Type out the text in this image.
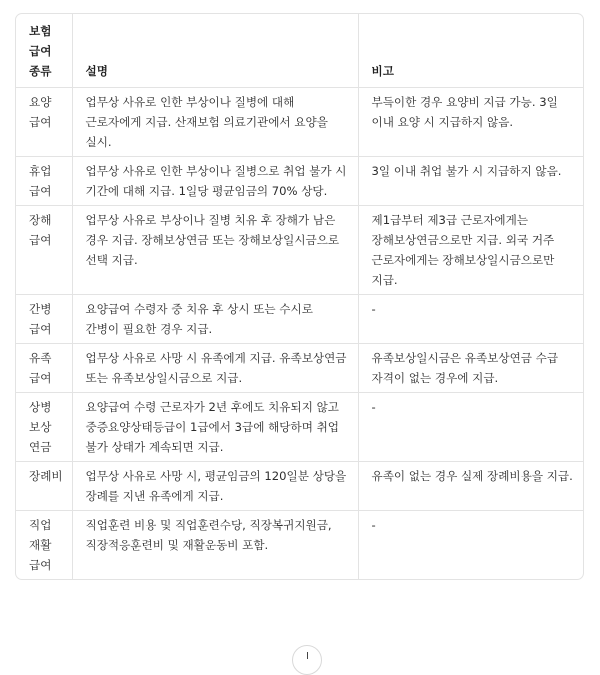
보험 급여 종류	설명	비고
요양 급여	업무상 사유로 인한 부상이나 질병에 대해 근로자에게 지급. 산재보험 의료기관에서 요양을 실시.	부득이한 경우 요양비 지급 가능. 3일 이내 요양 시 지급하지 않음.
휴업 급여	업무상 사유로 인한 부상이나 질병으로 취업 불가 시 기간에 대해 지급. 1일당 평균임금의 70% 상당.	3일 이내 취업 불가 시 지급하지 않음.
장해 급여	업무상 사유로 부상이나 질병 치유 후 장해가 남은 경우 지급. 장해보상연금 또는 장해보상일시금으로 선택 지급.	제1급부터 제3급 근로자에게는 장해보상연금으로만 지급. 외국 거주 근로자에게는 장해보상일시금으로만 지급.
간병 급여	요양급여 수령자 중 치유 후 상시 또는 수시로 간병이 필요한 경우 지급.	-
유족 급여	업무상 사유로 사망 시 유족에게 지급. 유족보상연금 또는 유족보상일시금으로 지급.	유족보상일시금은 유족보상연금 수급 자격이 없는 경우에 지급.
상병 보상 연금	요양급여 수령 근로자가 2년 후에도 치유되지 않고 중증요양상태등급이 1급에서 3급에 해당하며 취업 불가 상태가 계속되면 지급.	-
장례비	업무상 사유로 사망 시, 평균임금의 120일분 상당을 장례를 지낸 유족에게 지급.	유족이 없는 경우 실제 장례비용을 지급.
직업 재활 급여	직업훈련 비용 및 직업훈련수당, 직장복귀지원금, 직장적응훈련비 및 재활운동비 포함.	-
